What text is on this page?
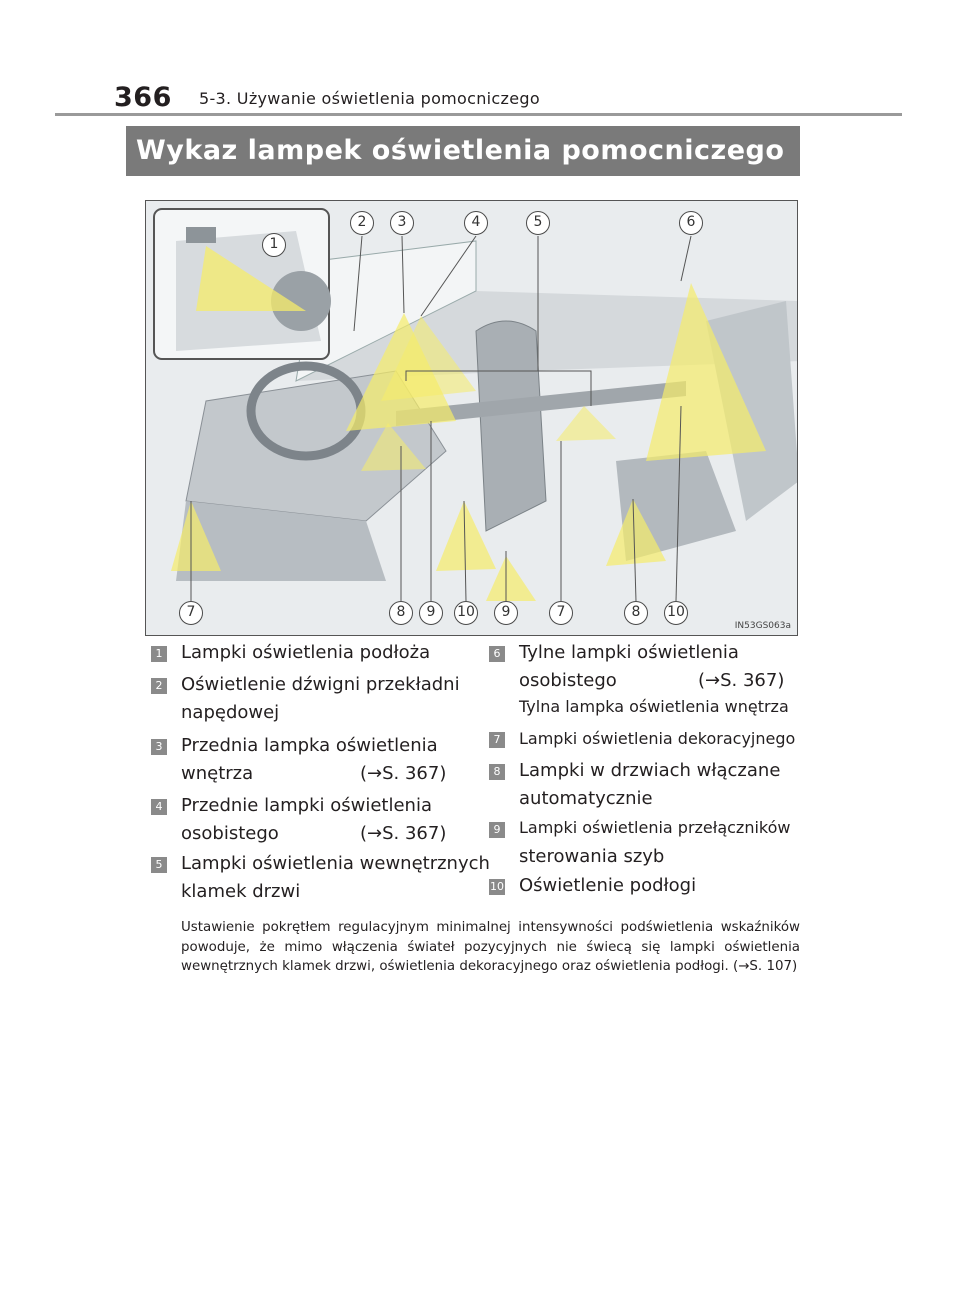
366 5-3. Używanie oświetlenia pomocniczego
Wykaz lampek oświetlenia pomocniczego
1
2	3	4	5	6
7	8	9	10	9	7	8	10
IN53GS063a
1 Lampki oświetlenia podłoża
2 Oświetlenie dźwigni przekładni
napędowej
3 Przednia lampka oświetlenia
wnętrza	(→S. 367)
4 Przednie lampki oświetlenia
osobistego	(→S. 367)
5 Lampki oświetlenia wewnętrznych
klamek drzwi
6 Tylne lampki oświetlenia
osobistego	(→S. 367)
Tylna lampka oświetlenia wnętrza
7 Lampki oświetlenia dekoracyjnego
8 Lampki w drzwiach włączane
automatycznie
9 Lampki oświetlenia przełączników
sterowania szyb
10 Oświetlenie podłogi
Ustawienie pokrętłem regulacyjnym minimalnej intensywności podświetlenia wskaźników powoduje, że mimo włączenia świateł pozycyjnych nie świecą się lampki oświetlenia wewnętrznych klamek drzwi, oświetlenia dekoracyjnego oraz oświetlenia podłogi. (→S. 107)
